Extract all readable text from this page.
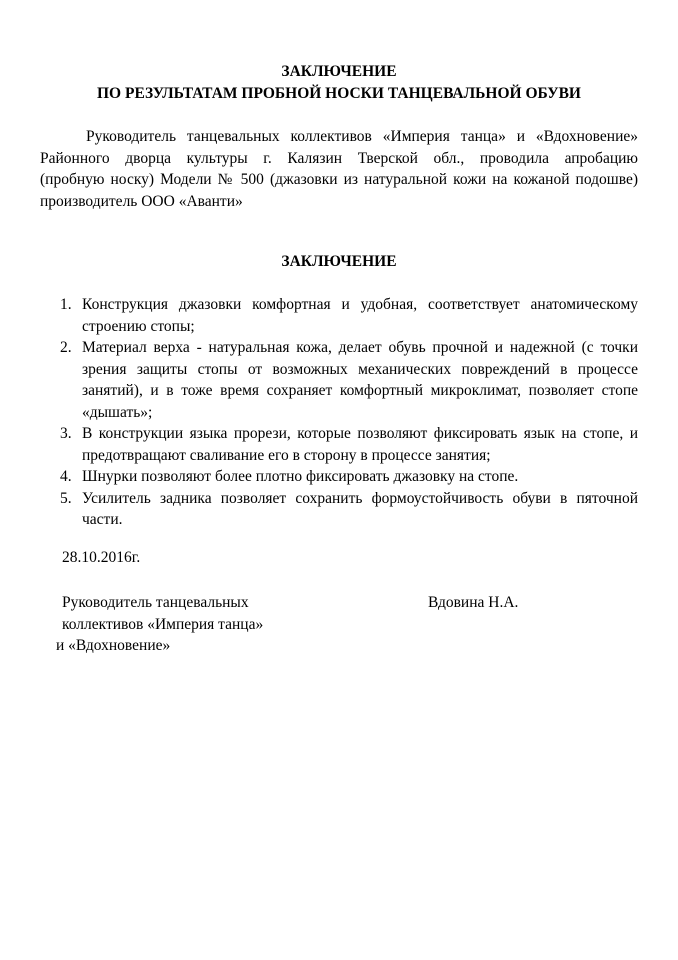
ЗАКЛЮЧЕНИЕ
ПО РЕЗУЛЬТАТАМ ПРОБНОЙ НОСКИ ТАНЦЕВАЛЬНОЙ ОБУВИ

Руководитель танцевальных коллективов «Империя танца» и «Вдохновение»
Районного дворца культуры г. Калязин Тверской обл., проводила апробацию
(пробную носку) Модели № 500 (джазовки из натуральной кожи на кожаной подошве)
производитель ООО «Аванти»

ЗАКЛЮЧЕНИЕ
1. Конструкция джазовки комфортная и удобная, соответствует анатомическому
строению стопы;
2. Материал верха - натуральная кожа, делает обувь прочной и надежной (с точки
зрения защиты стопы от возможных механических повреждений в процессе
занятий), и в тоже время сохраняет комфортный микроклимат, позволяет стопе
«дышать»;
3. В конструкции языка прорези, которые позволяют фиксировать язык на стопе, и
предотвращают сваливание его в сторону в процессе занятия;
4. Шнурки позволяют более плотно фиксировать джазовку на стопе.
5. Усилитель задника позволяет сохранить формоустойчивость обуви в пяточной
части.
28.10.2016г.
Руководитель танцевальных
коллективов «Империя танца»
и «Вдохновение»
Вдовина Н.А.
